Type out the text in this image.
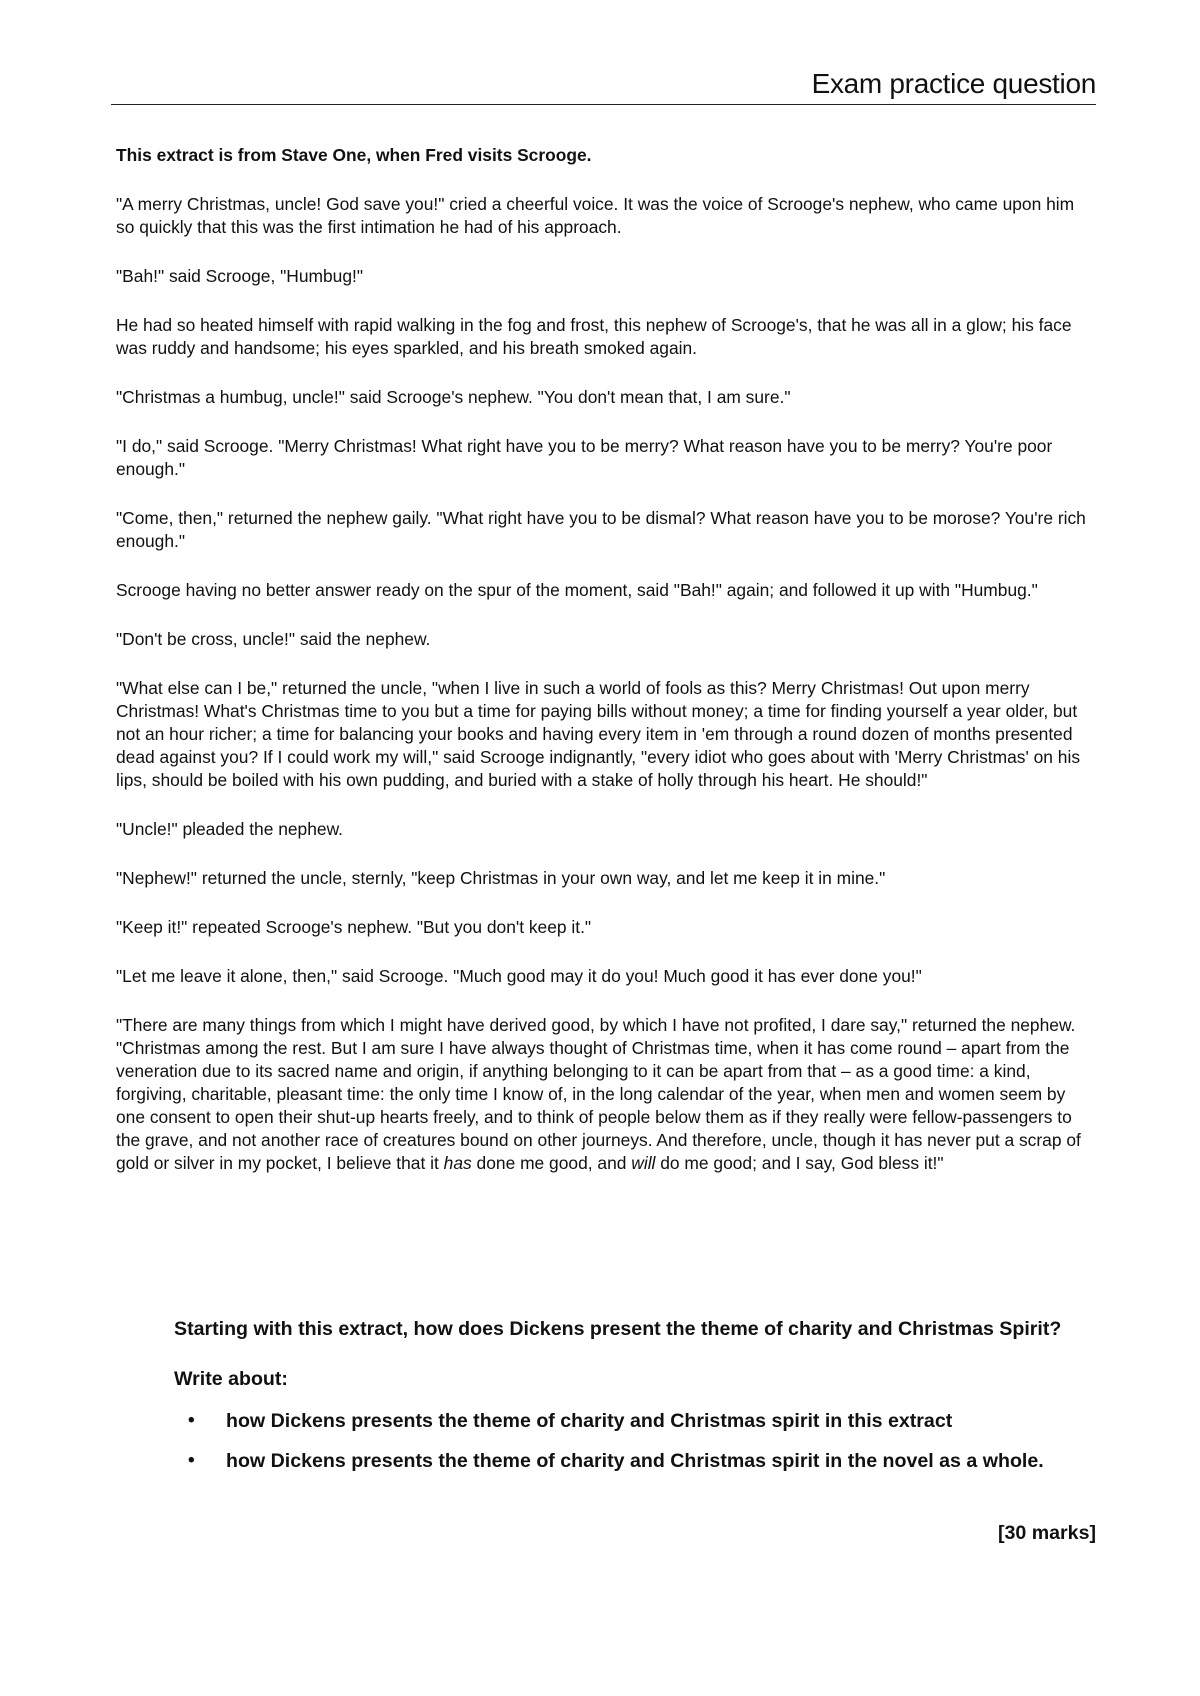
Exam practice question

This extract is from Stave One, when Fred visits Scrooge.

"A merry Christmas, uncle! God save you!" cried a cheerful voice. It was the voice of Scrooge's nephew, who came upon him so quickly that this was the first intimation he had of his approach.

"Bah!" said Scrooge, "Humbug!"

He had so heated himself with rapid walking in the fog and frost, this nephew of Scrooge's, that he was all in a glow; his face was ruddy and handsome; his eyes sparkled, and his breath smoked again.

"Christmas a humbug, uncle!" said Scrooge's nephew. "You don't mean that, I am sure."

"I do," said Scrooge. "Merry Christmas! What right have you to be merry? What reason have you to be merry? You're poor enough."

"Come, then," returned the nephew gaily. "What right have you to be dismal? What reason have you to be morose? You're rich enough."

Scrooge having no better answer ready on the spur of the moment, said "Bah!" again; and followed it up with "Humbug."

"Don't be cross, uncle!" said the nephew.

"What else can I be," returned the uncle, "when I live in such a world of fools as this? Merry Christmas! Out upon merry Christmas! What's Christmas time to you but a time for paying bills without money; a time for finding yourself a year older, but not an hour richer; a time for balancing your books and having every item in 'em through a round dozen of months presented dead against you? If I could work my will," said Scrooge indignantly, "every idiot who goes about with 'Merry Christmas' on his lips, should be boiled with his own pudding, and buried with a stake of holly through his heart. He should!"

"Uncle!" pleaded the nephew.

"Nephew!" returned the uncle, sternly, "keep Christmas in your own way, and let me keep it in mine."

"Keep it!" repeated Scrooge's nephew. "But you don't keep it."

"Let me leave it alone, then," said Scrooge. "Much good may it do you! Much good it has ever done you!"

"There are many things from which I might have derived good, by which I have not profited, I dare say," returned the nephew. "Christmas among the rest. But I am sure I have always thought of Christmas time, when it has come round – apart from the veneration due to its sacred name and origin, if anything belonging to it can be apart from that – as a good time: a kind, forgiving, charitable, pleasant time: the only time I know of, in the long calendar of the year, when men and women seem by one consent to open their shut-up hearts freely, and to think of people below them as if they really were fellow-passengers to the grave, and not another race of creatures bound on other journeys. And therefore, uncle, though it has never put a scrap of gold or silver in my pocket, I believe that it has done me good, and will do me good; and I say, God bless it!"

Starting with this extract, how does Dickens present the theme of charity and Christmas Spirit?

Write about:

• how Dickens presents the theme of charity and Christmas spirit in this extract
• how Dickens presents the theme of charity and Christmas spirit in the novel as a whole.
[30 marks]
